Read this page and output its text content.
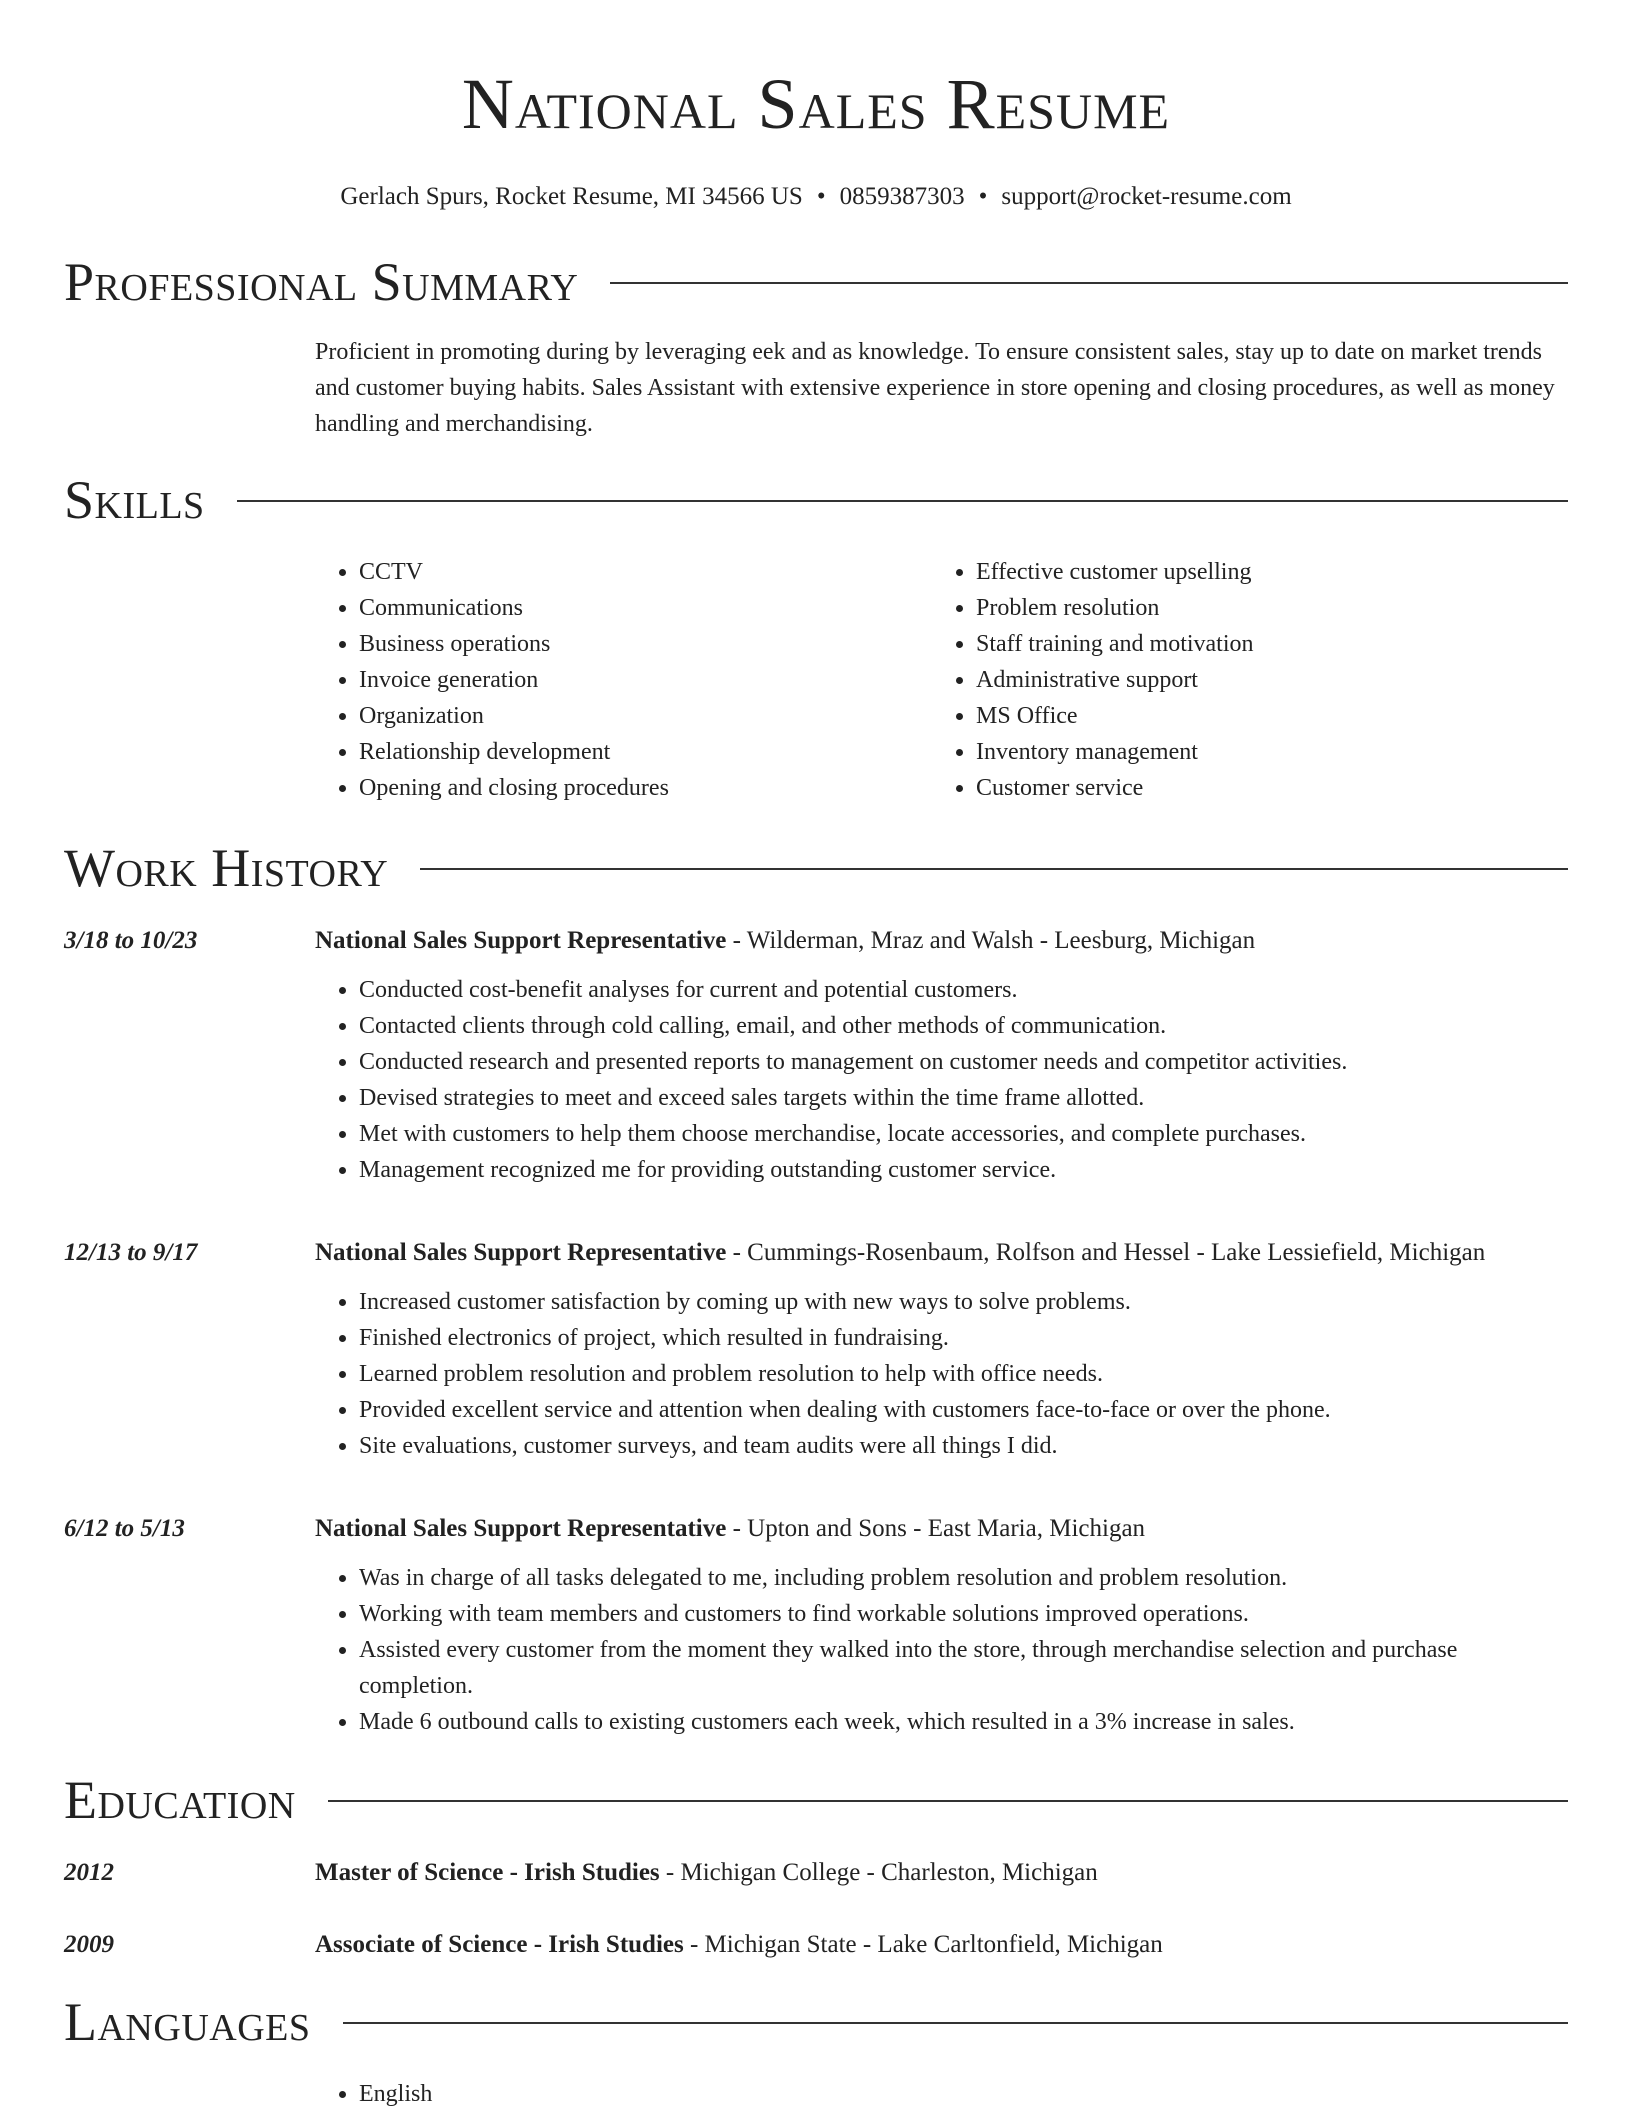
National Sales Resume
Gerlach Spurs, Rocket Resume, MI 34566 US • 0859387303 • support@rocket-resume.com
Professional Summary
Proficient in promoting during by leveraging eek and as knowledge. To ensure consistent sales, stay up to date on market trends and customer buying habits. Sales Assistant with extensive experience in store opening and closing procedures, as well as money handling and merchandising.
Skills
• CCTV
• Communications
• Business operations
• Invoice generation
• Organization
• Relationship development
• Opening and closing procedures
• Effective customer upselling
• Problem resolution
• Staff training and motivation
• Administrative support
• MS Office
• Inventory management
• Customer service
Work History
3/18 to 10/23	National Sales Support Representative - Wilderman, Mraz and Walsh - Leesburg, Michigan
• Conducted cost-benefit analyses for current and potential customers.
• Contacted clients through cold calling, email, and other methods of communication.
• Conducted research and presented reports to management on customer needs and competitor activities.
• Devised strategies to meet and exceed sales targets within the time frame allotted.
• Met with customers to help them choose merchandise, locate accessories, and complete purchases.
• Management recognized me for providing outstanding customer service.
12/13 to 9/17	National Sales Support Representative - Cummings-Rosenbaum, Rolfson and Hessel - Lake Lessiefield, Michigan
• Increased customer satisfaction by coming up with new ways to solve problems.
• Finished electronics of project, which resulted in fundraising.
• Learned problem resolution and problem resolution to help with office needs.
• Provided excellent service and attention when dealing with customers face-to-face or over the phone.
• Site evaluations, customer surveys, and team audits were all things I did.
6/12 to 5/13	National Sales Support Representative - Upton and Sons - East Maria, Michigan
• Was in charge of all tasks delegated to me, including problem resolution and problem resolution.
• Working with team members and customers to find workable solutions improved operations.
• Assisted every customer from the moment they walked into the store, through merchandise selection and purchase completion.
• Made 6 outbound calls to existing customers each week, which resulted in a 3% increase in sales.
Education
2012	Master of Science - Irish Studies - Michigan College - Charleston, Michigan
2009	Associate of Science - Irish Studies - Michigan State - Lake Carltonfield, Michigan
Languages
• English
